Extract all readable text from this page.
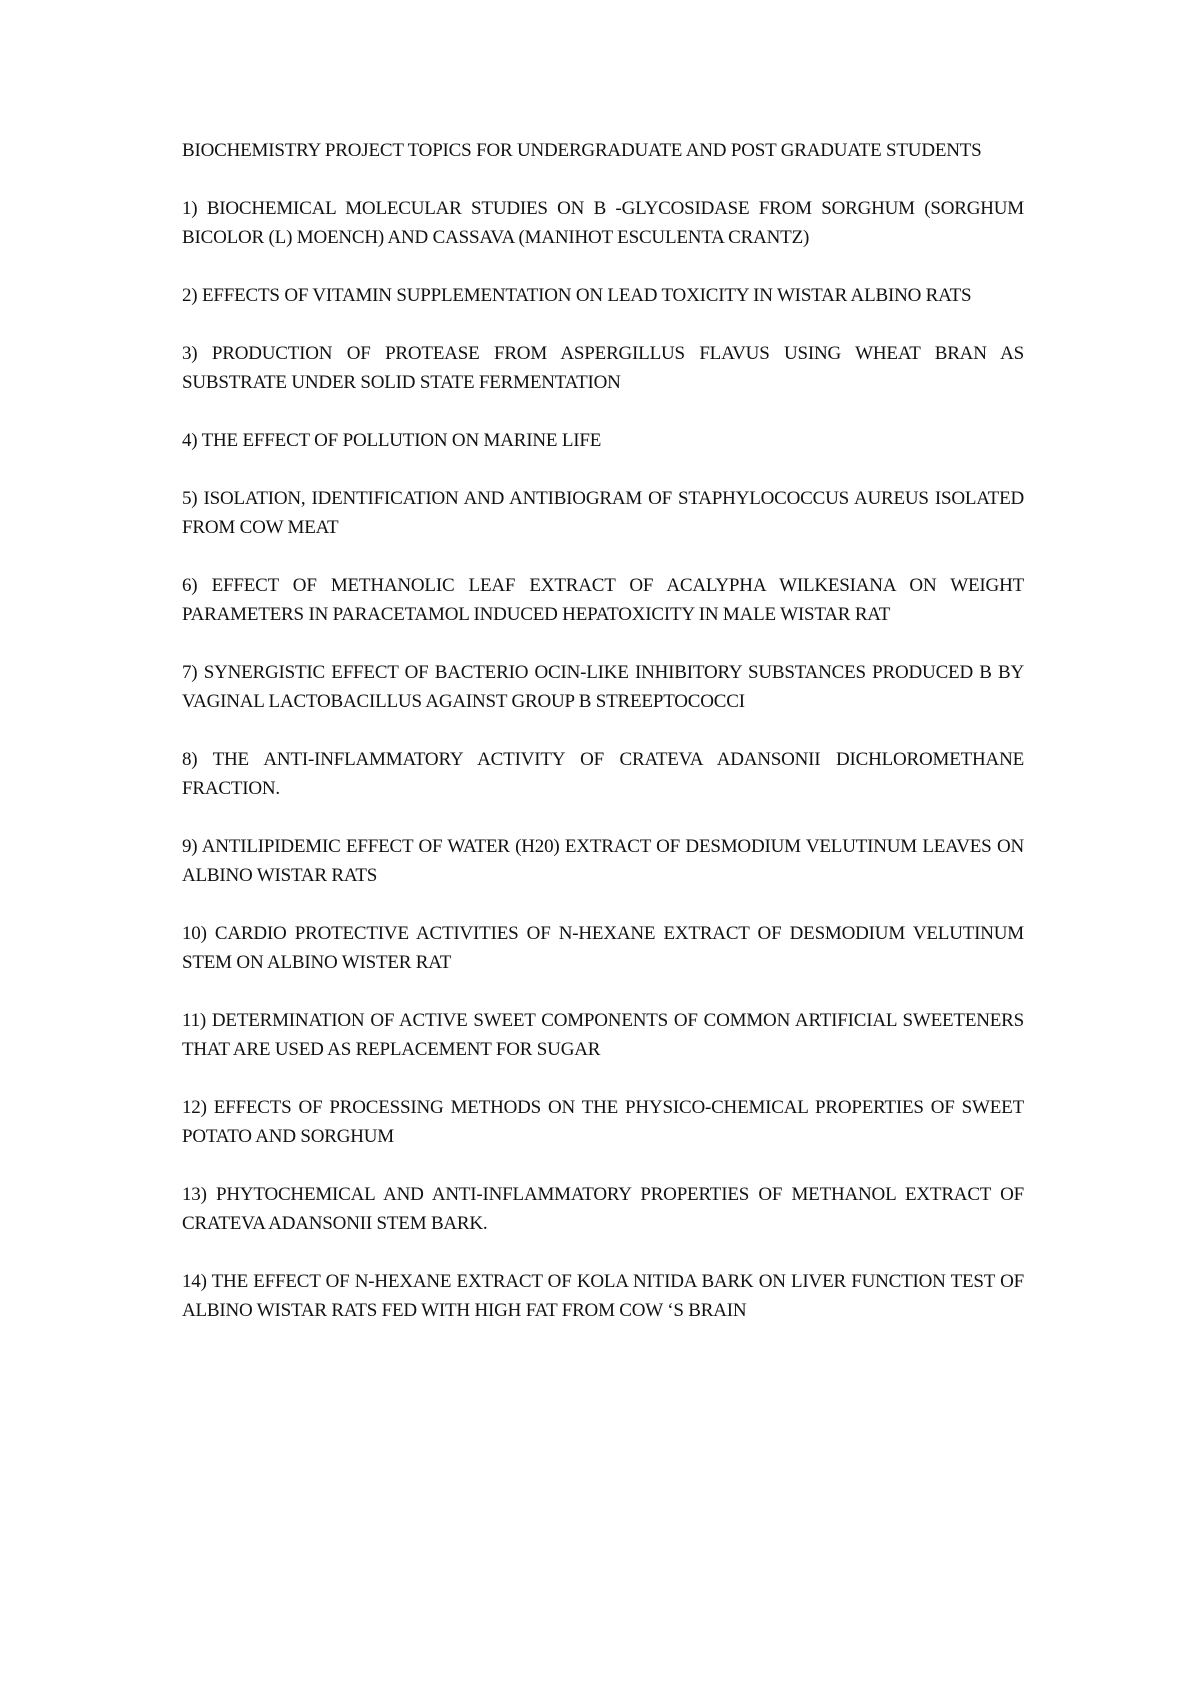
BIOCHEMISTRY PROJECT TOPICS FOR UNDERGRADUATE AND POST GRADUATE STUDENTS

1) BIOCHEMICAL MOLECULAR STUDIES ON Β -GLYCOSIDASE FROM SORGHUM (SORGHUM BICOLOR (L) MOENCH) AND CASSAVA (MANIHOT ESCULENTA CRANTZ)

2) EFFECTS OF VITAMIN SUPPLEMENTATION ON LEAD TOXICITY IN WISTAR ALBINO RATS

3) PRODUCTION OF PROTEASE FROM ASPERGILLUS FLAVUS USING WHEAT BRAN AS SUBSTRATE UNDER SOLID STATE FERMENTATION

4) THE EFFECT OF POLLUTION ON MARINE LIFE

5) ISOLATION, IDENTIFICATION AND ANTIBIOGRAM OF STAPHYLOCOCCUS AUREUS ISOLATED FROM COW MEAT

6) EFFECT OF METHANOLIC LEAF EXTRACT OF ACALYPHA WILKESIANA ON WEIGHT PARAMETERS IN PARACETAMOL INDUCED HEPATOXICITY IN MALE WISTAR RAT

7) SYNERGISTIC EFFECT OF BACTERIO OCIN-LIKE INHIBITORY SUBSTANCES PRODUCED B BY VAGINAL LACTOBACILLUS AGAINST GROUP B STREEPTOCOCCI

8) THE ANTI-INFLAMMATORY ACTIVITY OF CRATEVA ADANSONII DICHLOROMETHANE FRACTION.

9) ANTILIPIDEMIC EFFECT OF WATER (H20) EXTRACT OF DESMODIUM VELUTINUM LEAVES ON ALBINO WISTAR RATS

10) CARDIO PROTECTIVE ACTIVITIES OF N-HEXANE EXTRACT OF DESMODIUM VELUTINUM STEM ON ALBINO WISTER RAT

11) DETERMINATION OF ACTIVE SWEET COMPONENTS OF COMMON ARTIFICIAL SWEETENERS THAT ARE USED AS REPLACEMENT FOR SUGAR

12) EFFECTS OF PROCESSING METHODS ON THE PHYSICO-CHEMICAL PROPERTIES OF SWEET POTATO AND SORGHUM

13) PHYTOCHEMICAL AND ANTI-INFLAMMATORY PROPERTIES OF METHANOL EXTRACT OF CRATEVA ADANSONII STEM BARK.

14) THE EFFECT OF N-HEXANE EXTRACT OF KOLA NITIDA BARK ON LIVER FUNCTION TEST OF ALBINO WISTAR RATS FED WITH HIGH FAT FROM COW ‘S BRAIN
